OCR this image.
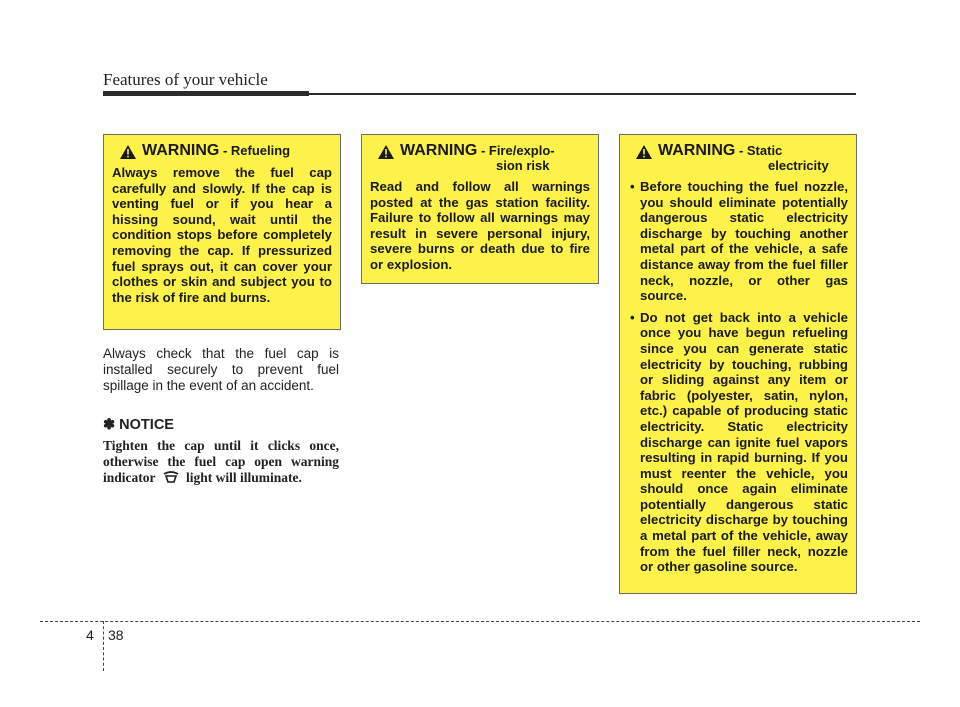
Features of your vehicle
WARNING - Refueling
Always remove the fuel cap carefully and slowly. If the cap is venting fuel or if you hear a hissing sound, wait until the condition stops before completely removing the cap. If pressurized fuel sprays out, it can cover your clothes or skin and subject you to the risk of fire and burns.
WARNING - Fire/explo-
sion risk
Read and follow all warnings posted at the gas station facility. Failure to follow all warnings may result in severe personal injury, severe burns or death due to fire or explosion.
WARNING - Static
electricity
• Before touching the fuel nozzle, you should eliminate potentially dangerous static electricity discharge by touching another metal part of the vehicle, a safe distance away from the fuel filler neck, nozzle, or other gas source.
• Do not get back into a vehicle once you have begun refueling since you can generate static electricity by touching, rubbing or sliding against any item or fabric (polyester, satin, nylon, etc.) capable of producing static electricity. Static electricity discharge can ignite fuel vapors resulting in rapid burning. If you must reenter the vehicle, you should once again eliminate potentially dangerous static electricity discharge by touching a metal part of the vehicle, away from the fuel filler neck, nozzle or other gasoline source.
Always check that the fuel cap is installed securely to prevent fuel spillage in the event of an accident.
✽ NOTICE
Tighten the cap until it clicks once, otherwise the fuel cap open warning indicator light will illuminate.
4 38
